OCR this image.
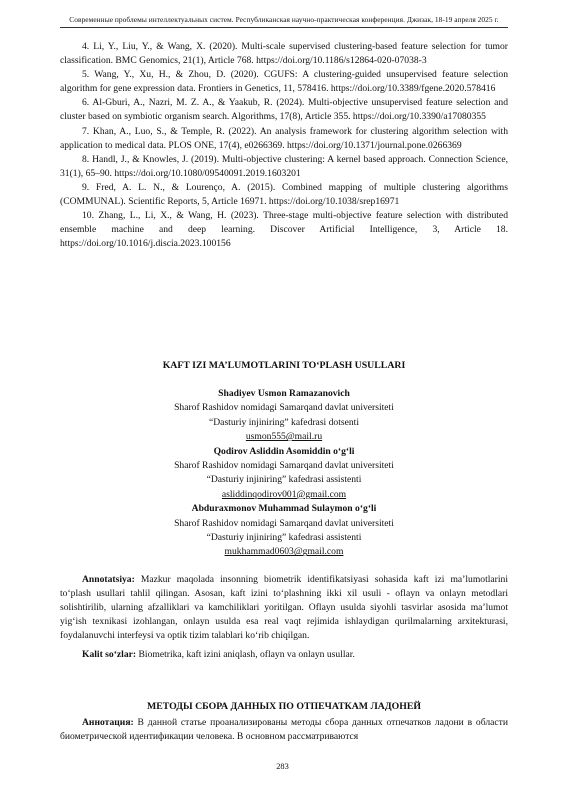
Современные проблемы интеллектуальных систем. Республиканская научно-практическая конференция. Джизак, 18-19 апреля 2025 г.

4. Li, Y., Liu, Y., & Wang, X. (2020). Multi-scale supervised clustering-based feature selection for tumor classification. BMC Genomics, 21(1), Article 768. https://doi.org/10.1186/s12864-020-07038-3

5. Wang, Y., Xu, H., & Zhou, D. (2020). CGUFS: A clustering-guided unsupervised feature selection algorithm for gene expression data. Frontiers in Genetics, 11, 578416. https://doi.org/10.3389/fgene.2020.578416

6. Al-Gburi, A., Nazri, M. Z. A., & Yaakub, R. (2024). Multi-objective unsupervised feature selection and cluster based on symbiotic organism search. Algorithms, 17(8), Article 355. https://doi.org/10.3390/a17080355

7. Khan, A., Luo, S., & Temple, R. (2022). An analysis framework for clustering algorithm selection with application to medical data. PLOS ONE, 17(4), e0266369. https://doi.org/10.1371/journal.pone.0266369

8. Handl, J., & Knowles, J. (2019). Multi-objective clustering: A kernel based approach. Connection Science, 31(1), 65–90. https://doi.org/10.1080/09540091.2019.1603201

9. Fred, A. L. N., & Lourenço, A. (2015). Combined mapping of multiple clustering algorithms (COMMUNAL). Scientific Reports, 5, Article 16971. https://doi.org/10.1038/srep16971

10. Zhang, L., Li, X., & Wang, H. (2023). Three-stage multi-objective feature selection with distributed ensemble machine and deep learning. Discover Artificial Intelligence, 3, Article 18. https://doi.org/10.1016/j.discia.2023.100156

KAFT IZI MA’LUMOTLARINI TO‘PLASH USULLARI
Shadiyev Usmon Ramazanovich
Sharof Rashidov nomidagi Samarqand davlat universiteti
“Dasturiy injiniring” kafedrasi dotsenti
usmon555@mail.ru
Qodirov Asliddin Asomiddin o‘g‘li
Sharof Rashidov nomidagi Samarqand davlat universiteti
“Dasturiy injiniring” kafedrasi assistenti
asliddinqodirov001@gmail.com
Abduraxmonov Muhammad Sulaymon o‘g‘li
Sharof Rashidov nomidagi Samarqand davlat universiteti
“Dasturiy injiniring” kafedrasi assistenti
mukhammad0603@gmail.com

Annotatsiya: Mazkur maqolada insonning biometrik identifikatsiyasi sohasida kaft izi ma’lumotlarini to‘plash usullari tahlil qilingan. Asosan, kaft izini to‘plashning ikki xil usuli - oflayn va onlayn metodlari solishtirilib, ularning afzalliklari va kamchiliklari yoritilgan. Oflayn usulda siyohli tasvirlar asosida ma’lumot yig‘ish texnikasi izohlangan, onlayn usulda esa real vaqt rejimida ishlaydigan qurilmalarning arxitekturasi, foydalanuvchi interfeysi va optik tizim talablari ko‘rib chiqilgan.

Kalit so‘zlar: Biometrika, kaft izini aniqlash, oflayn va onlayn usullar.

МЕТОДЫ СБОРА ДАННЫХ ПО ОТПЕЧАТКАМ ЛАДОНЕЙ

Аннотация: В данной статье проанализированы методы сбора данных отпечатков ладони в области биометрической идентификации человека. В основном рассматриваются

283
